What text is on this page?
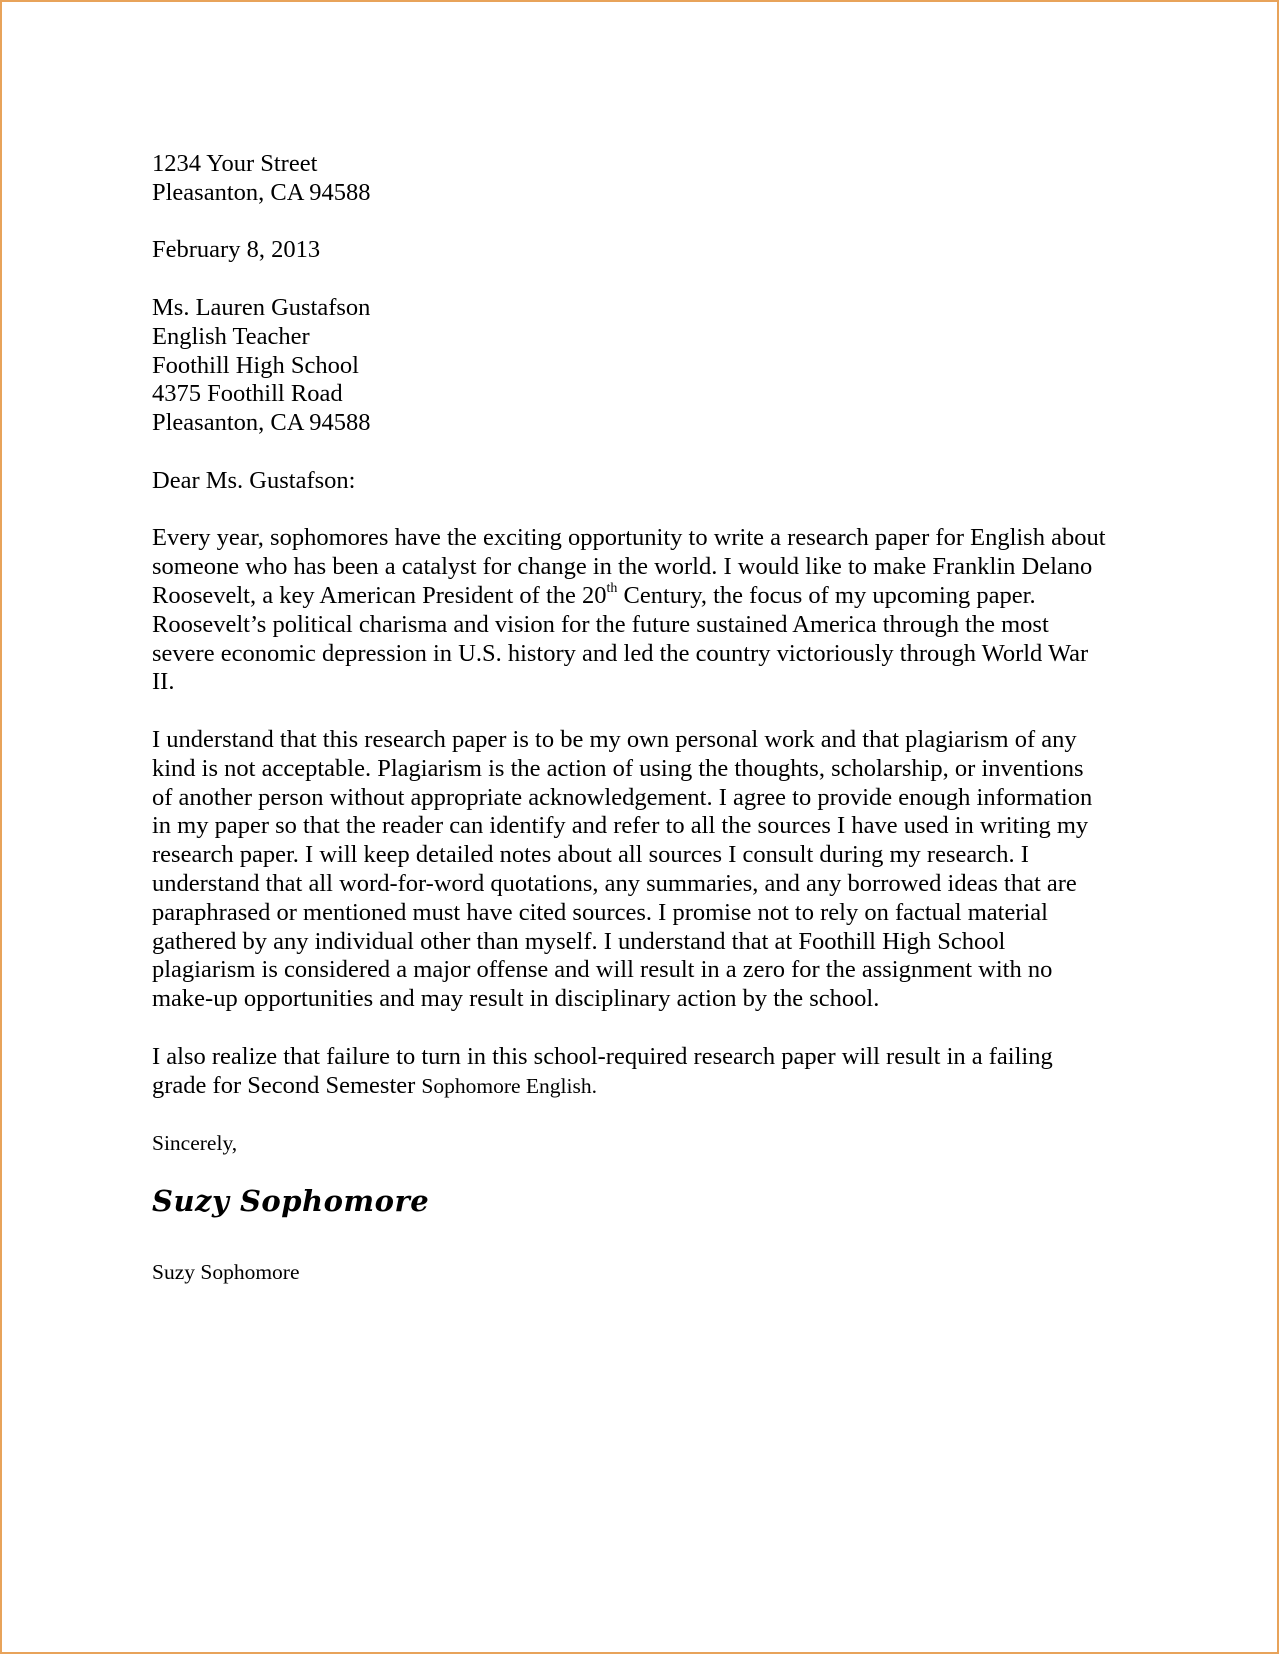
1234 Your Street
Pleasanton, CA 94588
February 8, 2013
Ms. Lauren Gustafson
English Teacher
Foothill High School
4375 Foothill Road
Pleasanton, CA 94588
Dear Ms. Gustafson:
Every year, sophomores have the exciting opportunity to write a research paper for English about
someone who has been a catalyst for change in the world. I would like to make Franklin Delano
Roosevelt, a key American President of the 20th Century, the focus of my upcoming paper.
Roosevelt’s political charisma and vision for the future sustained America through the most
severe economic depression in U.S. history and led the country victoriously through World War
II.
I understand that this research paper is to be my own personal work and that plagiarism of any
kind is not acceptable. Plagiarism is the action of using the thoughts, scholarship, or inventions
of another person without appropriate acknowledgement. I agree to provide enough information
in my paper so that the reader can identify and refer to all the sources I have used in writing my
research paper. I will keep detailed notes about all sources I consult during my research. I
understand that all word-for-word quotations, any summaries, and any borrowed ideas that are
paraphrased or mentioned must have cited sources. I promise not to rely on factual material
gathered by any individual other than myself. I understand that at Foothill High School
plagiarism is considered a major offense and will result in a zero for the assignment with no
make-up opportunities and may result in disciplinary action by the school.
I also realize that failure to turn in this school-required research paper will result in a failing
grade for Second Semester Sophomore English.
Sincerely,
Suzy Sophomore
Suzy Sophomore
